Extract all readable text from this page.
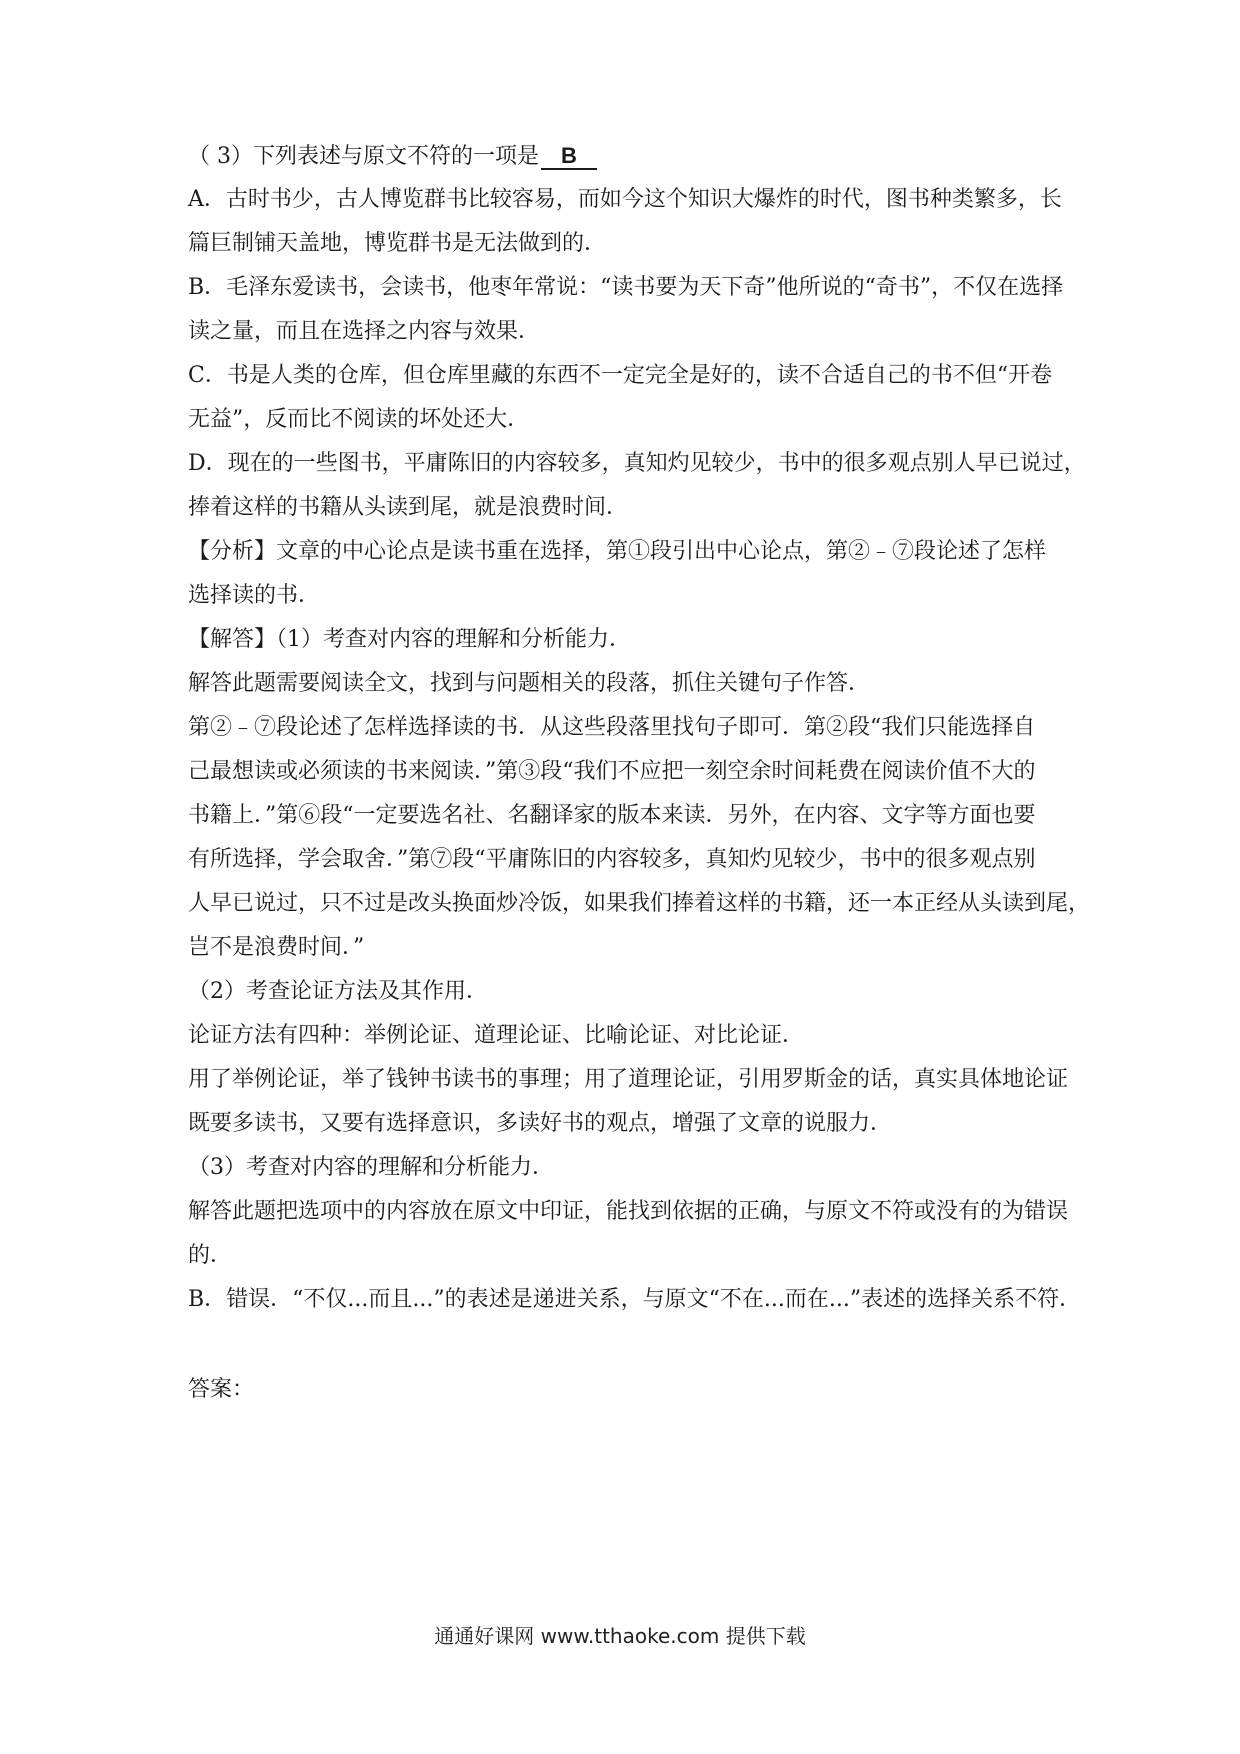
（ 3）下列表述与原文不符的一项是 B
A．古时书少，古人博览群书比较容易，而如今这个知识大爆炸的时代，图书种类繁多，长
篇巨制铺天盖地，博览群书是无法做到的．
B．毛泽东爱读书，会读书，他枣年常说：“读书要为天下奇”他所说的“奇书”，不仅在选择
读之量，而且在选择之内容与效果．
C．书是人类的仓库，但仓库里藏的东西不一定完全是好的，读不合适自己的书不但“开卷
无益”，反而比不阅读的坏处还大．
D．现在的一些图书，平庸陈旧的内容较多，真知灼见较少，书中的很多观点别人早已说过，
捧着这样的书籍从头读到尾，就是浪费时间．
【分析】文章的中心论点是读书重在选择，第①段引出中心论点，第②﹣⑦段论述了怎样
选择读的书．
【解答】（1）考查对内容的理解和分析能力．
解答此题需要阅读全文，找到与问题相关的段落，抓住关键句子作答．
第②﹣⑦段论述了怎样选择读的书．从这些段落里找句子即可．第②段“我们只能选择自
己最想读或必须读的书来阅读．”第③段“我们不应把一刻空余时间耗费在阅读价值不大的
书籍上．”第⑥段“一定要选名社、名翻译家的版本来读．另外，在内容、文字等方面也要
有所选择，学会取舍．”第⑦段“平庸陈旧的内容较多，真知灼见较少，书中的很多观点别
人早已说过，只不过是改头换面炒冷饭，如果我们捧着这样的书籍，还一本正经从头读到尾，
岂不是浪费时间．”
（2）考查论证方法及其作用．
论证方法有四种：举例论证、道理论证、比喻论证、对比论证．
用了举例论证，举了钱钟书读书的事理；用了道理论证，引用罗斯金的话，真实具体地论证
既要多读书，又要有选择意识，多读好书的观点，增强了文章的说服力．
（3）考查对内容的理解和分析能力．
解答此题把选项中的内容放在原文中印证，能找到依据的正确，与原文不符或没有的为错误
的．
B．错误．“不仅...而且...”的表述是递进关系，与原文“不在...而在...”表述的选择关系不符．
答案：
通通好课网 www.tthaoke.com 提供下载
